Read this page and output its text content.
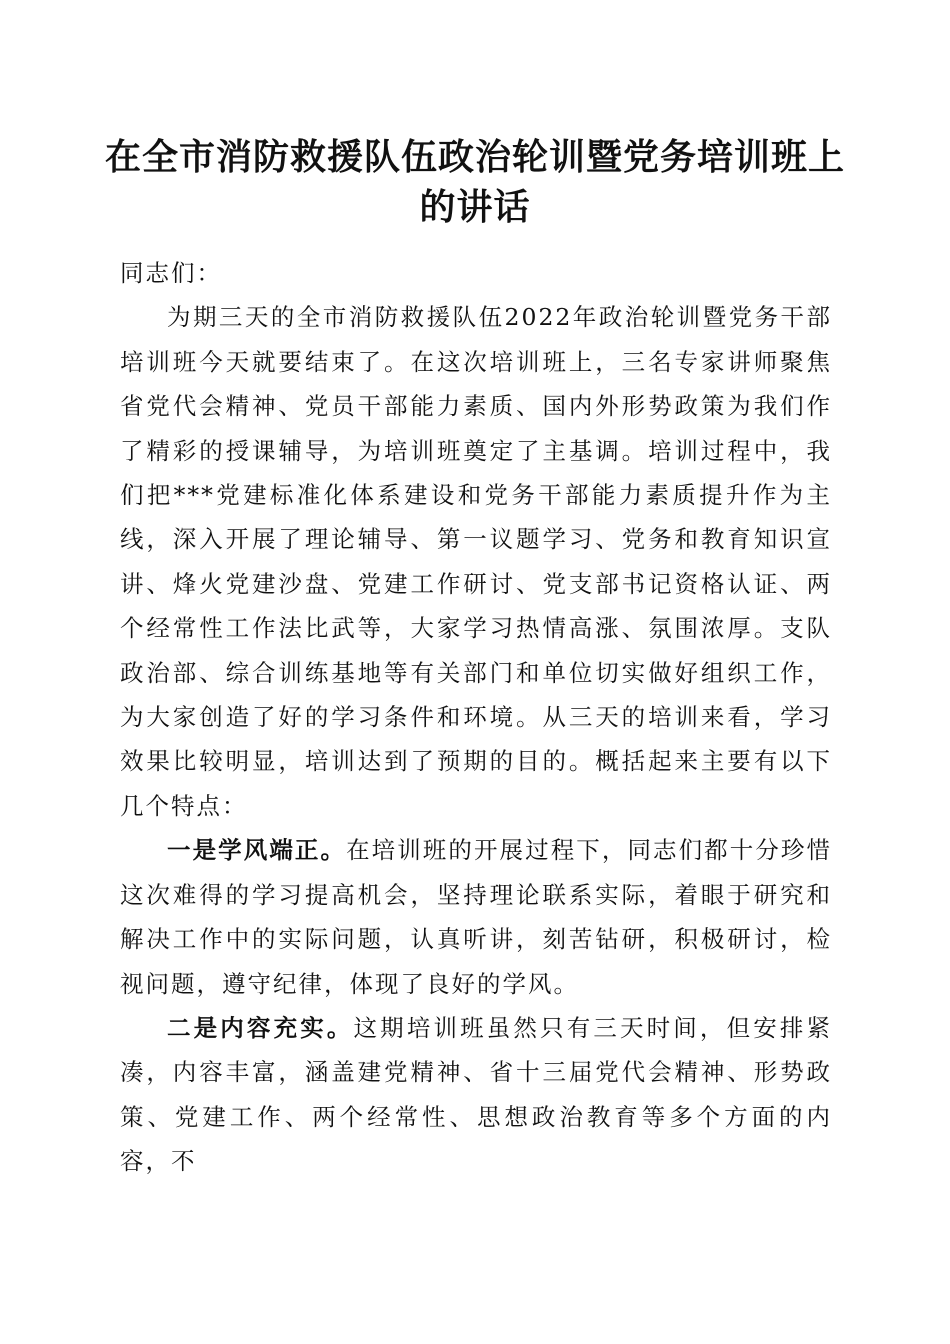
在全市消防救援队伍政治轮训暨党务培训班上的讲话

同志们：

为期三天的全市消防救援队伍2022年政治轮训暨党务干部培训班今天就要结束了。在这次培训班上，三名专家讲师聚焦省党代会精神、党员干部能力素质、国内外形势政策为我们作了精彩的授课辅导，为培训班奠定了主基调。培训过程中，我们把***党建标准化体系建设和党务干部能力素质提升作为主线，深入开展了理论辅导、第一议题学习、党务和教育知识宣讲、烽火党建沙盘、党建工作研讨、党支部书记资格认证、两个经常性工作法比武等，大家学习热情高涨、氛围浓厚。支队政治部、综合训练基地等有关部门和单位切实做好组织工作，为大家创造了好的学习条件和环境。从三天的培训来看，学习效果比较明显，培训达到了预期的目的。概括起来主要有以下几个特点：

一是学风端正。在培训班的开展过程下，同志们都十分珍惜这次难得的学习提高机会，坚持理论联系实际，着眼于研究和解决工作中的实际问题，认真听讲，刻苦钻研，积极研讨，检视问题，遵守纪律，体现了良好的学风。

二是内容充实。这期培训班虽然只有三天时间，但安排紧凑，内容丰富，涵盖建党精神、省十三届党代会精神、形势政策、党建工作、两个经常性、思想政治教育等多个方面的内容，不
